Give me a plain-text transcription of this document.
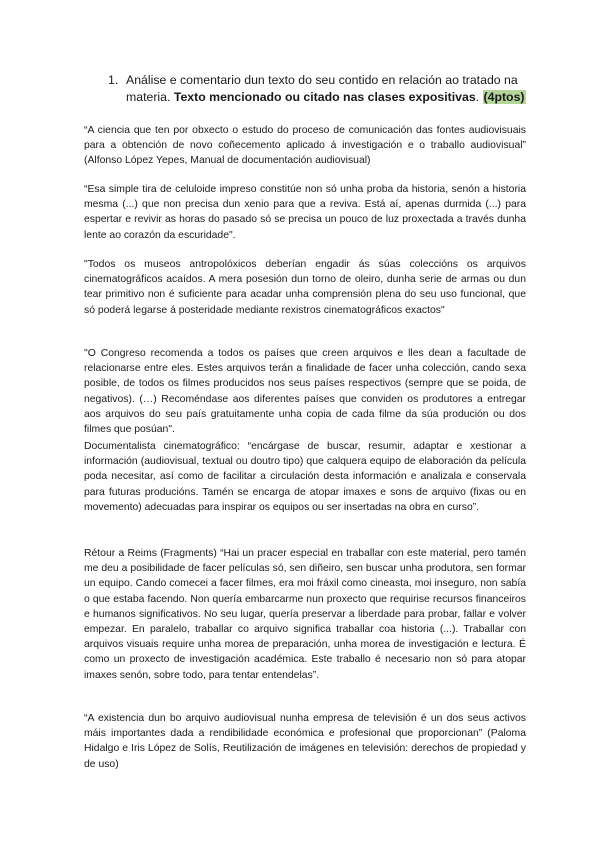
1. Análise e comentario dun texto do seu contido en relación ao tratado na materia. Texto mencionado ou citado nas clases expositivas. (4ptos)

“A ciencia que ten por obxecto o estudo do proceso de comunicación das fontes audiovisuais para a obtención de novo coñecemento aplicado á investigación e o traballo audiovisual” (Alfonso López Yepes, Manual de documentación audiovisual)

“Esa simple tira de celuloide impreso constitúe non só unha proba da historia, senón a historia mesma (...) que non precisa dun xenio para que a reviva. Está aí, apenas durmida (...) para espertar e revivir as horas do pasado só se precisa un pouco de luz proxectada a través dunha lente ao corazón da escuridade".

"Todos os museos antropolóxicos deberían engadir ás súas coleccións os arquivos cinematográficos acaídos. A mera posesión dun torno de oleiro, dunha serie de armas ou dun tear primitivo non é suficiente para acadar unha comprensión plena do seu uso funcional, que só poderá legarse á posteridade mediante rexistros cinematográficos exactos"

"O Congreso recomenda a todos os países que creen arquivos e lles dean a facultade de relacionarse entre eles. Estes arquivos terán a finalidade de facer unha colección, cando sexa posible, de todos os filmes producidos nos seus países respectivos (sempre que se poida, de negativos). (…) Recoméndase aos diferentes países que conviden os produtores a entregar aos arquivos do seu país gratuitamente unha copia de cada filme da súa produción ou dos filmes que posúan".

Documentalista cinematográfico: “encárgase de buscar, resumir, adaptar e xestionar a información (audiovisual, textual ou doutro tipo) que calquera equipo de elaboración da película poda necesitar, así como de facilitar a circulación desta información e analizala e conservala para futuras producións. Tamén se encarga de atopar imaxes e sons de arquivo (fixas ou en movemento) adecuadas para inspirar os equipos ou ser insertadas na obra en curso”.

Rétour a Reims (Fragments) “Hai un pracer especial en traballar con este material, pero tamén me deu a posibilidade de facer películas só, sen diñeiro, sen buscar unha produtora, sen formar un equipo. Cando comecei a facer filmes, era moi fráxil como cineasta, moi inseguro, non sabía o que estaba facendo. Non quería embarcarme nun proxecto que requirise recursos financeiros e humanos significativos. No seu lugar, quería preservar a liberdade para probar, fallar e volver empezar. En paralelo, traballar co arquivo significa traballar coa historia (...). Traballar con arquivos visuais require unha morea de preparación, unha morea de investigación e lectura. É como un proxecto de investigación académica. Este traballo é necesario non só para atopar imaxes senón, sobre todo, para tentar entendelas”.

“A existencia dun bo arquivo audiovisual nunha empresa de televisión é un dos seus activos máis importantes dada a rendibilidade económica e profesional que proporcionan” (Paloma Hidalgo e Iris López de Solís, Reutilización de imágenes en televisión: derechos de propiedad y de uso)
